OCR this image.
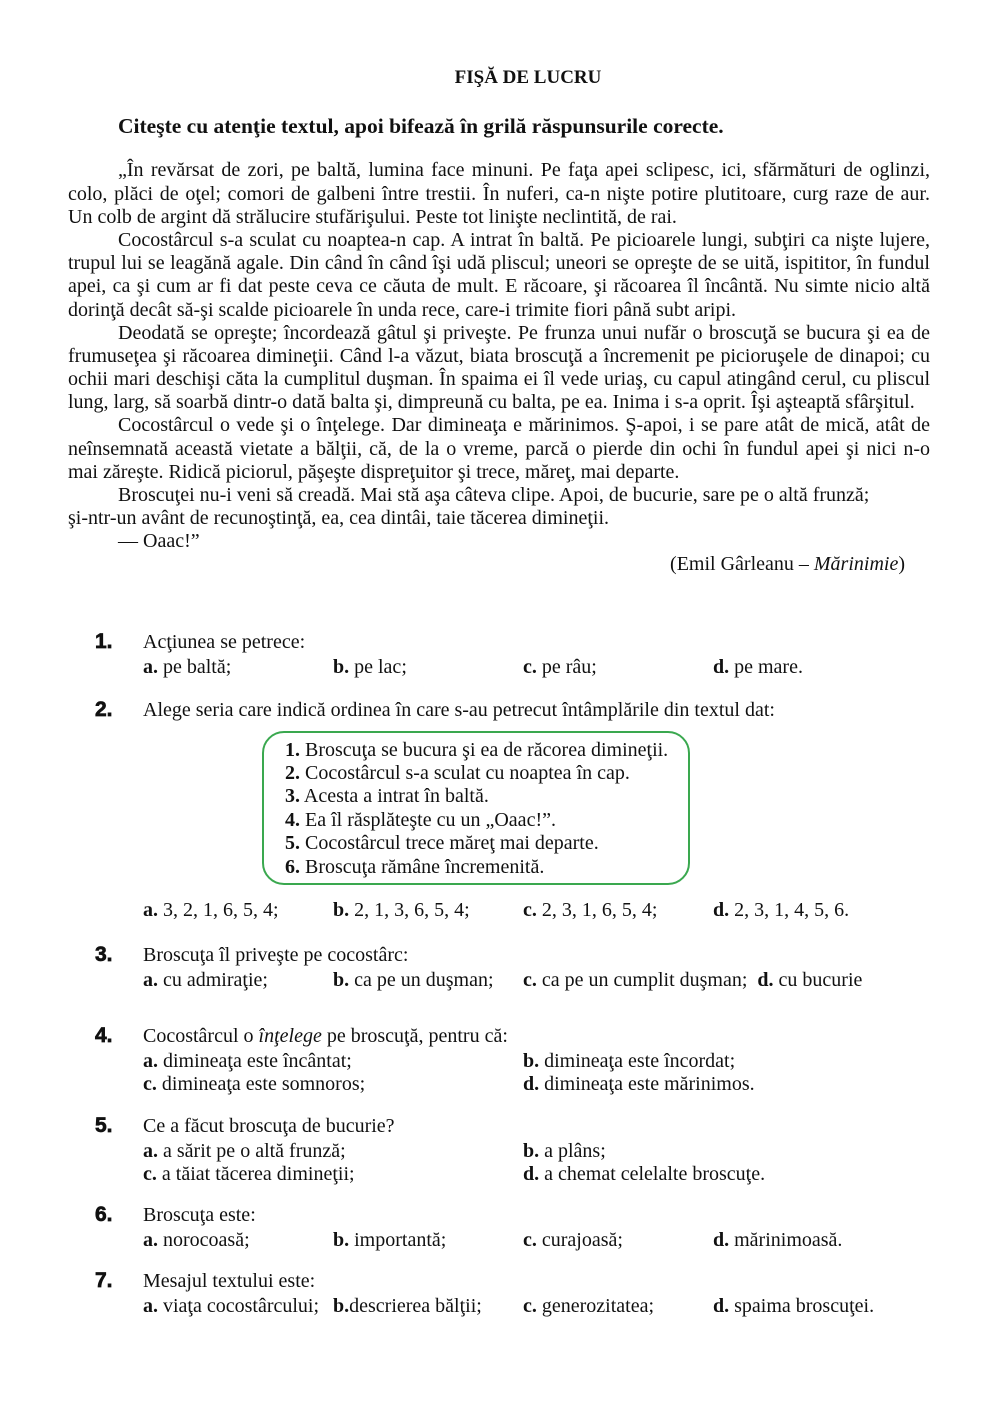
FIŞĂ DE LUCRU
Citeşte cu atenţie textul, apoi bifează în grilă răspunsurile corecte.
„În revărsat de zori, pe baltă, lumina face minuni. Pe faţa apei sclipesc, ici, sfărmături de oglinzi,
colo, plăci de oţel; comori de galbeni între trestii. În nuferi, ca-n nişte potire plutitoare, curg raze de aur.
Un colb de argint dă strălucire stufărişului. Peste tot linişte neclintită, de rai.
Cocostârcul s-a sculat cu noaptea-n cap. A intrat în baltă. Pe picioarele lungi, subţiri ca nişte lujere,
trupul lui se leagănă agale. Din când în când îşi udă pliscul; uneori se opreşte de se uită, ispititor, în fundul
apei, ca şi cum ar fi dat peste ceva ce căuta de mult. E răcoare, şi răcoarea îl încântă. Nu simte nicio altă
dorinţă decât să-şi scalde picioarele în unda rece, care-i trimite fiori până subt aripi.
Deodată se opreşte; încordează gâtul şi priveşte. Pe frunza unui nufăr o broscuţă se bucura şi ea de
frumuseţea şi răcoarea dimineţii. Când l-a văzut, biata broscuţă a încremenit pe picioruşele de dinapoi; cu
ochii mari deschişi căta la cumplitul duşman. În spaima ei îl vede uriaş, cu capul atingând cerul, cu pliscul
lung, larg, să soarbă dintr-o dată balta şi, dimpreună cu balta, pe ea. Inima i s-a oprit. Îşi aşteaptă sfârşitul.
Cocostârcul o vede şi o înţelege. Dar dimineaţa e mărinimos. Ş-apoi, i se pare atât de mică, atât de
neînsemnată această vietate a bălţii, că, de la o vreme, parcă o pierde din ochi în fundul apei şi nici n-o
mai zăreşte. Ridică piciorul, păşeşte dispreţuitor şi trece, măreţ, mai departe.
Broscuţei nu-i veni să creadă. Mai stă aşa câteva clipe. Apoi, de bucurie, sare pe o altă frunză;
şi-ntr-un avânt de recunoştinţă, ea, cea dintâi, taie tăcerea dimineţii.
— Oaac!”
(Emil Gârleanu – Mărinimie)
1. Acţiunea se petrece:
a. pe baltă;	b. pe lac;	c. pe râu;	d. pe mare.
2. Alege seria care indică ordinea în care s-au petrecut întâmplările din textul dat:
1. Broscuţa se bucura şi ea de răcorea dimineţii.
2. Cocostârcul s-a sculat cu noaptea în cap.
3. Acesta a intrat în baltă.
4. Ea îl răsplăteşte cu un „Oaac!”.
5. Cocostârcul trece măreţ mai departe.
6. Broscuţa rămâne încremenită.
a. 3, 2, 1, 6, 5, 4;	b. 2, 1, 3, 6, 5, 4;	c. 2, 3, 1, 6, 5, 4;	d. 2, 3, 1, 4, 5, 6.
3. Broscuţa îl priveşte pe cocostârc:
a. cu admiraţie;	b. ca pe un duşman;	c. ca pe un cumplit duşman; d. cu bucurie
4. Cocostârcul o înţelege pe broscuţă, pentru că:
a. dimineaţa este încântat;	b. dimineaţa este încordat;
c. dimineaţa este somnoros;	d. dimineaţa este mărinimos.
5. Ce a făcut broscuţa de bucurie?
a. a sărit pe o altă frunză;	b. a plâns;
c. a tăiat tăcerea dimineţii;	d. a chemat celelalte broscuţe.
6. Broscuţa este:
a. norocoasă;	b. importantă;	c. curajoasă;	d. mărinimoasă.
7. Mesajul textului este:
a. viaţa cocostârcului; b.descrierea bălţii;	c. generozitatea;	d. spaima broscuţei.
